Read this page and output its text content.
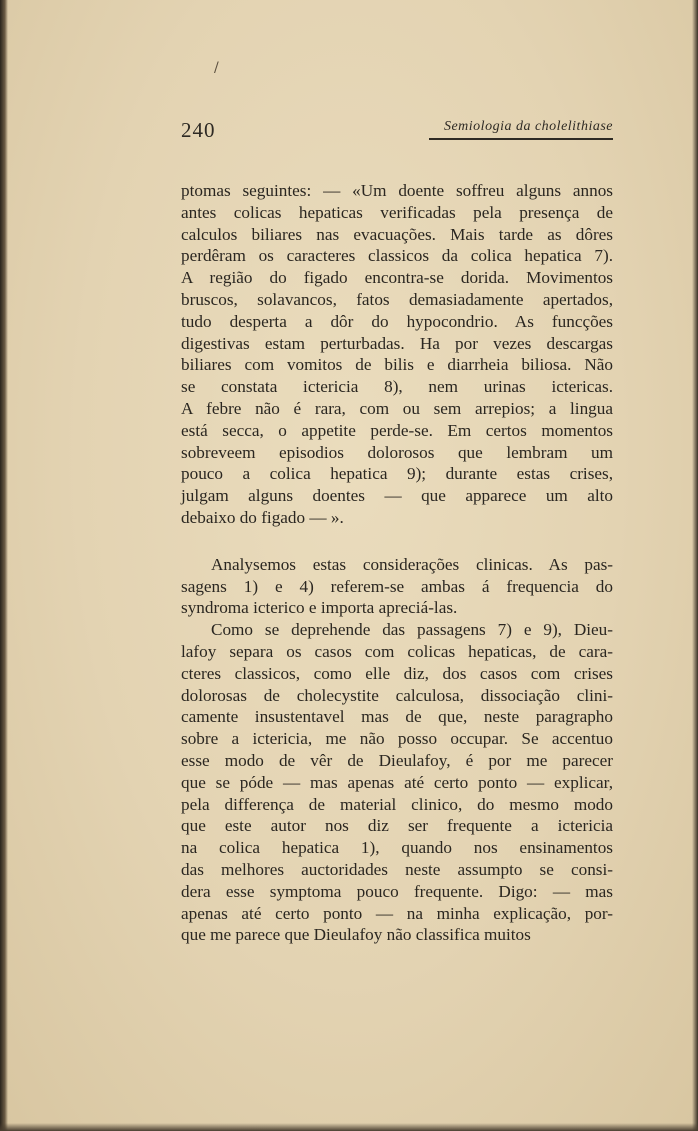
/
240	Semiologia da cholelithiase
ptomas seguintes: — «Um doente soffreu alguns annos
antes colicas hepaticas verificadas pela presença de
calculos biliares nas evacuações. Mais tarde as dôres
perdêram os caracteres classicos da colica hepatica 7).
A região do figado encontra-se dorida. Movimentos
bruscos, solavancos, fatos demasiadamente apertados,
tudo desperta a dôr do hypocondrio. As funcções
digestivas estam perturbadas. Ha por vezes descargas
biliares com vomitos de bilis e diarrheia biliosa. Não
se constata ictericia 8), nem urinas ictericas.
A febre não é rara, com ou sem arrepios; a lingua
está secca, o appetite perde-se. Em certos momentos
sobreveem episodios dolorosos que lembram um
pouco a colica hepatica 9); durante estas crises,
julgam alguns doentes — que apparece um alto
debaixo do figado — ».
Analysemos estas considerações clinicas. As pas-
sagens 1) e 4) referem-se ambas á frequencia do
syndroma icterico e importa apreciá-las.
Como se deprehende das passagens 7) e 9), Dieu-
lafoy separa os casos com colicas hepaticas, de cara-
cteres classicos, como elle diz, dos casos com crises
dolorosas de cholecystite calculosa, dissociação clini-
camente insustentavel mas de que, neste paragrapho
sobre a ictericia, me não posso occupar. Se accentuo
esse modo de vêr de Dieulafoy, é por me parecer
que se póde — mas apenas até certo ponto — explicar,
pela differença de material clinico, do mesmo modo
que este autor nos diz ser frequente a ictericia
na colica hepatica 1), quando nos ensinamentos
das melhores auctoridades neste assumpto se consi-
dera esse symptoma pouco frequente. Digo: — mas
apenas até certo ponto — na minha explicação, por-
que me parece que Dieulafoy não classifica muitos
